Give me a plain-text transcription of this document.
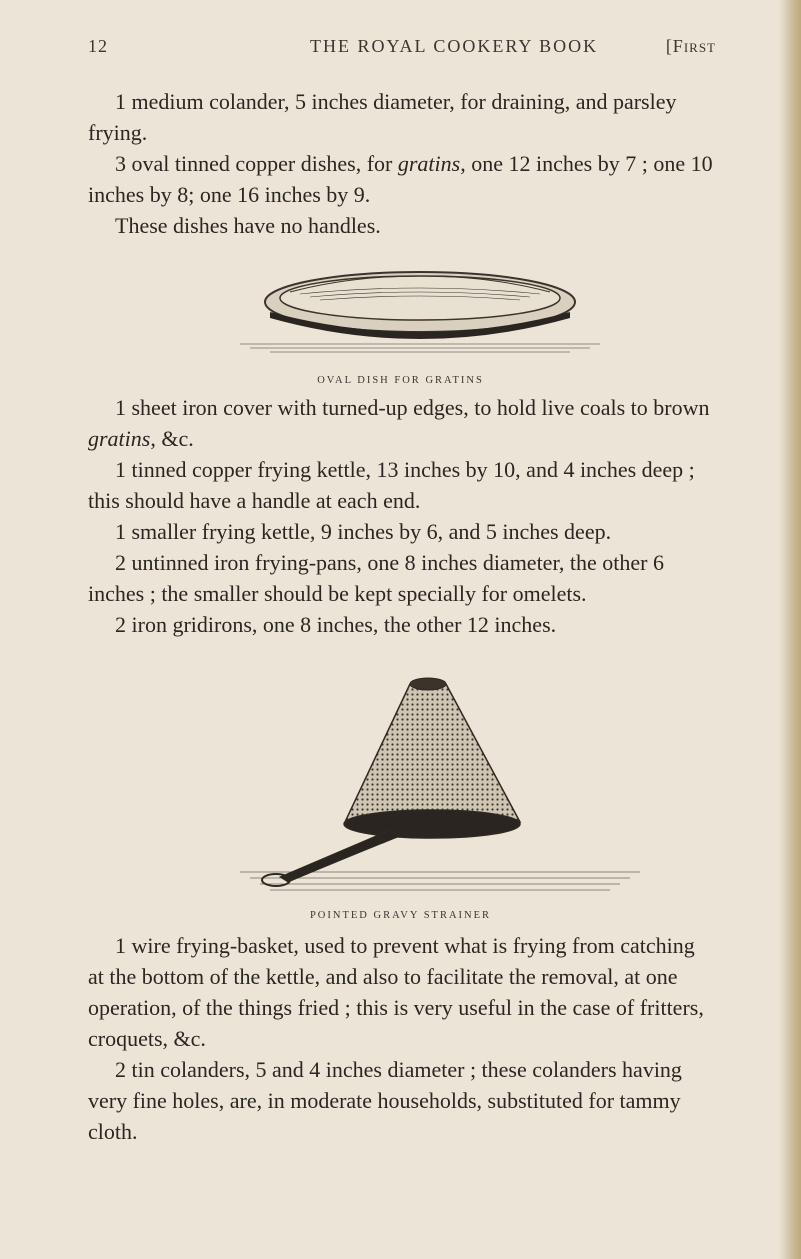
12	THE ROYAL COOKERY BOOK	[First

1 medium colander, 5 inches diameter, for draining, and parsley frying.

3 oval tinned copper dishes, for gratins, one 12 inches by 7 ; one 10 inches by 8; one 16 inches by 9.

These dishes have no handles.

OVAL DISH FOR GRATINS

1 sheet iron cover with turned-up edges, to hold live coals to brown gratins, &c.

1 tinned copper frying kettle, 13 inches by 10, and 4 inches deep ; this should have a handle at each end.

1 smaller frying kettle, 9 inches by 6, and 5 inches deep.

2 untinned iron frying-pans, one 8 inches diameter, the other 6 inches ; the smaller should be kept specially for omelets.

2 iron gridirons, one 8 inches, the other 12 inches.

POINTED GRAVY STRAINER

1 wire frying-basket, used to prevent what is frying from catching at the bottom of the kettle, and also to facilitate the removal, at one operation, of the things fried ; this is very useful in the case of fritters, croquets, &c.

2 tin colanders, 5 and 4 inches diameter ; these colanders having very fine holes, are, in moderate households, substituted for tammy cloth.
